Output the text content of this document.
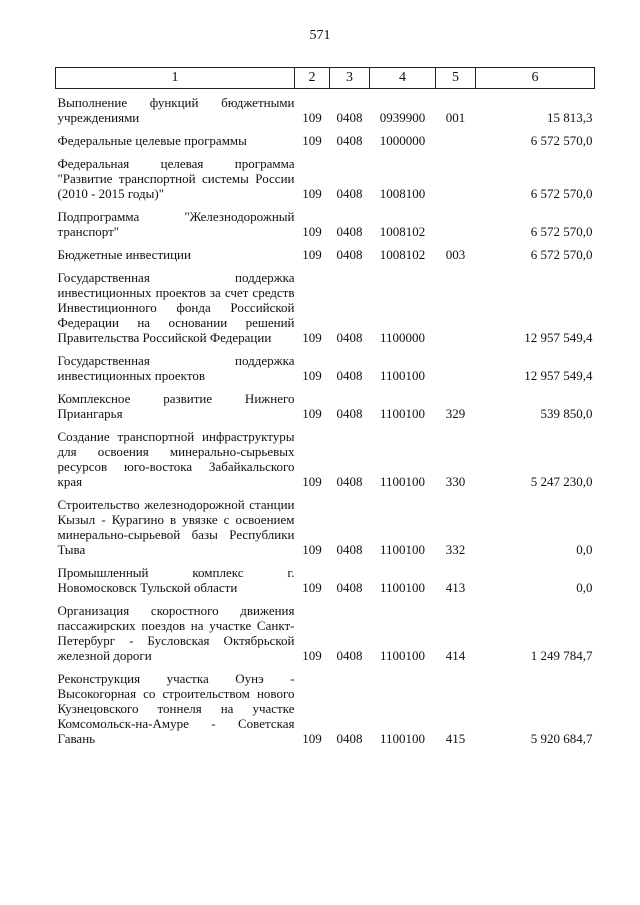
571
1	2	3	4	5	6
Выполнение функций бюджетными учреждениями	109	0408	0939900	001	15 813,3
Федеральные целевые программы	109	0408	1000000		6 572 570,0
Федеральная целевая программа "Развитие транспортной системы России (2010 - 2015 годы)"	109	0408	1008100		6 572 570,0
Подпрограмма "Железнодорожный транспорт"	109	0408	1008102		6 572 570,0
Бюджетные инвестиции	109	0408	1008102	003	6 572 570,0
Государственная поддержка инвестиционных проектов за счет средств Инвестиционного фонда Российской Федерации на основании решений Правительства Российской Федерации	109	0408	1100000		12 957 549,4
Государственная поддержка инвестиционных проектов	109	0408	1100100		12 957 549,4
Комплексное развитие Нижнего Приангарья	109	0408	1100100	329	539 850,0
Создание транспортной инфраструктуры для освоения минерально-сырьевых ресурсов юго-востока Забайкальского края	109	0408	1100100	330	5 247 230,0
Строительство железнодорожной станции Кызыл - Курагино в увязке с освоением минерально-сырьевой базы Республики Тыва	109	0408	1100100	332	0,0
Промышленный комплекс г. Новомосковск Тульской области	109	0408	1100100	413	0,0
Организация скоростного движения пассажирских поездов на участке Санкт-Петербург - Бусловская Октябрьской железной дороги	109	0408	1100100	414	1 249 784,7
Реконструкция участка Оунэ - Высокогорная со строительством нового Кузнецовского тоннеля на участке Комсомольск-на-Амуре - Советская Гавань	109	0408	1100100	415	5 920 684,7
